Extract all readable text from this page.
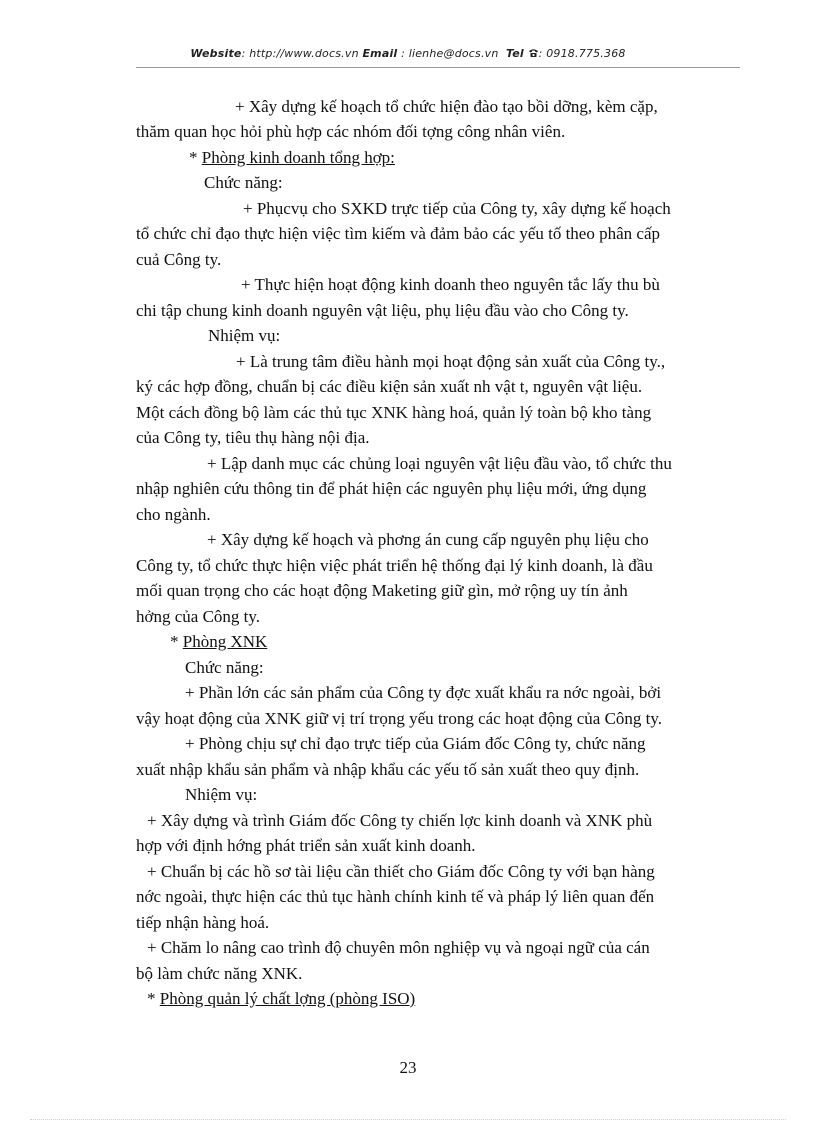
Website: http://www.docs.vn Email : lienhe@docs.vn Tel : 0918.775.368
+ Xây dựng kế hoạch tổ chức hiện đào tạo bồi dỡng, kèm cặp,
thăm quan học hỏi phù hợp các nhóm đối tợng công nhân viên.
* Phòng kinh doanh tổng hợp:
Chức năng:
+ Phụcvụ cho SXKD trực tiếp của Công ty, xây dựng kế hoạch
tổ chức chỉ đạo thực hiện việc tìm kiếm và đảm bảo các yếu tố theo phân cấp
cuả Công ty.
+ Thực hiện hoạt động kinh doanh theo nguyên tắc lấy thu bù
chi tập chung kinh doanh nguyên vật liệu, phụ liệu đầu vào cho Công ty.
Nhiệm vụ:
+ Là trung tâm điều hành mọi hoạt động sản xuất của Công ty.,
ký các hợp đồng, chuẩn bị các điều kiện sản xuất nh vật t, nguyên vật liệu.
Một cách đồng bộ làm các thủ tục XNK hàng hoá, quản lý toàn bộ kho tàng
của Công ty, tiêu thụ hàng nội địa.
+ Lập danh mục các chủng loại nguyên vật liệu đầu vào, tổ chức thu
nhập nghiên cứu thông tin để phát hiện các nguyên phụ liệu mới, ứng dụng
cho ngành.
+ Xây dựng kế hoạch và phơng án cung cấp nguyên phụ liệu cho
Công ty, tổ chức thực hiện việc phát triển hệ thống đại lý kinh doanh, là đầu
mối quan trọng cho các hoạt động Maketing giữ gìn, mở rộng uy tín ảnh
hởng của Công ty.
* Phòng XNK
Chức năng:
+ Phần lớn các sản phẩm của Công ty đợc xuất khẩu ra nớc ngoài, bởi
vậy hoạt động của XNK giữ vị trí trọng yếu trong các hoạt động của Công ty.
+ Phòng chịu sự chỉ đạo trực tiếp của Giám đốc Công ty, chức năng
xuất nhập khẩu sản phẩm và nhập khẩu các yếu tố sản xuất theo quy định.
Nhiệm vụ:
+ Xây dựng và trình Giám đốc Công ty chiến lợc kinh doanh và XNK phù
hợp với định hớng phát triển sản xuất kinh doanh.
+ Chuẩn bị các hồ sơ tài liệu cần thiết cho Giám đốc Công ty với bạn hàng
nớc ngoài, thực hiện các thủ tục hành chính kinh tế và pháp lý liên quan đến
tiếp nhận hàng hoá.
+ Chăm lo nâng cao trình độ chuyên môn nghiệp vụ và ngoại ngữ của cán
bộ làm chức năng XNK.
* Phòng quản lý chất lợng (phòng ISO)
23
